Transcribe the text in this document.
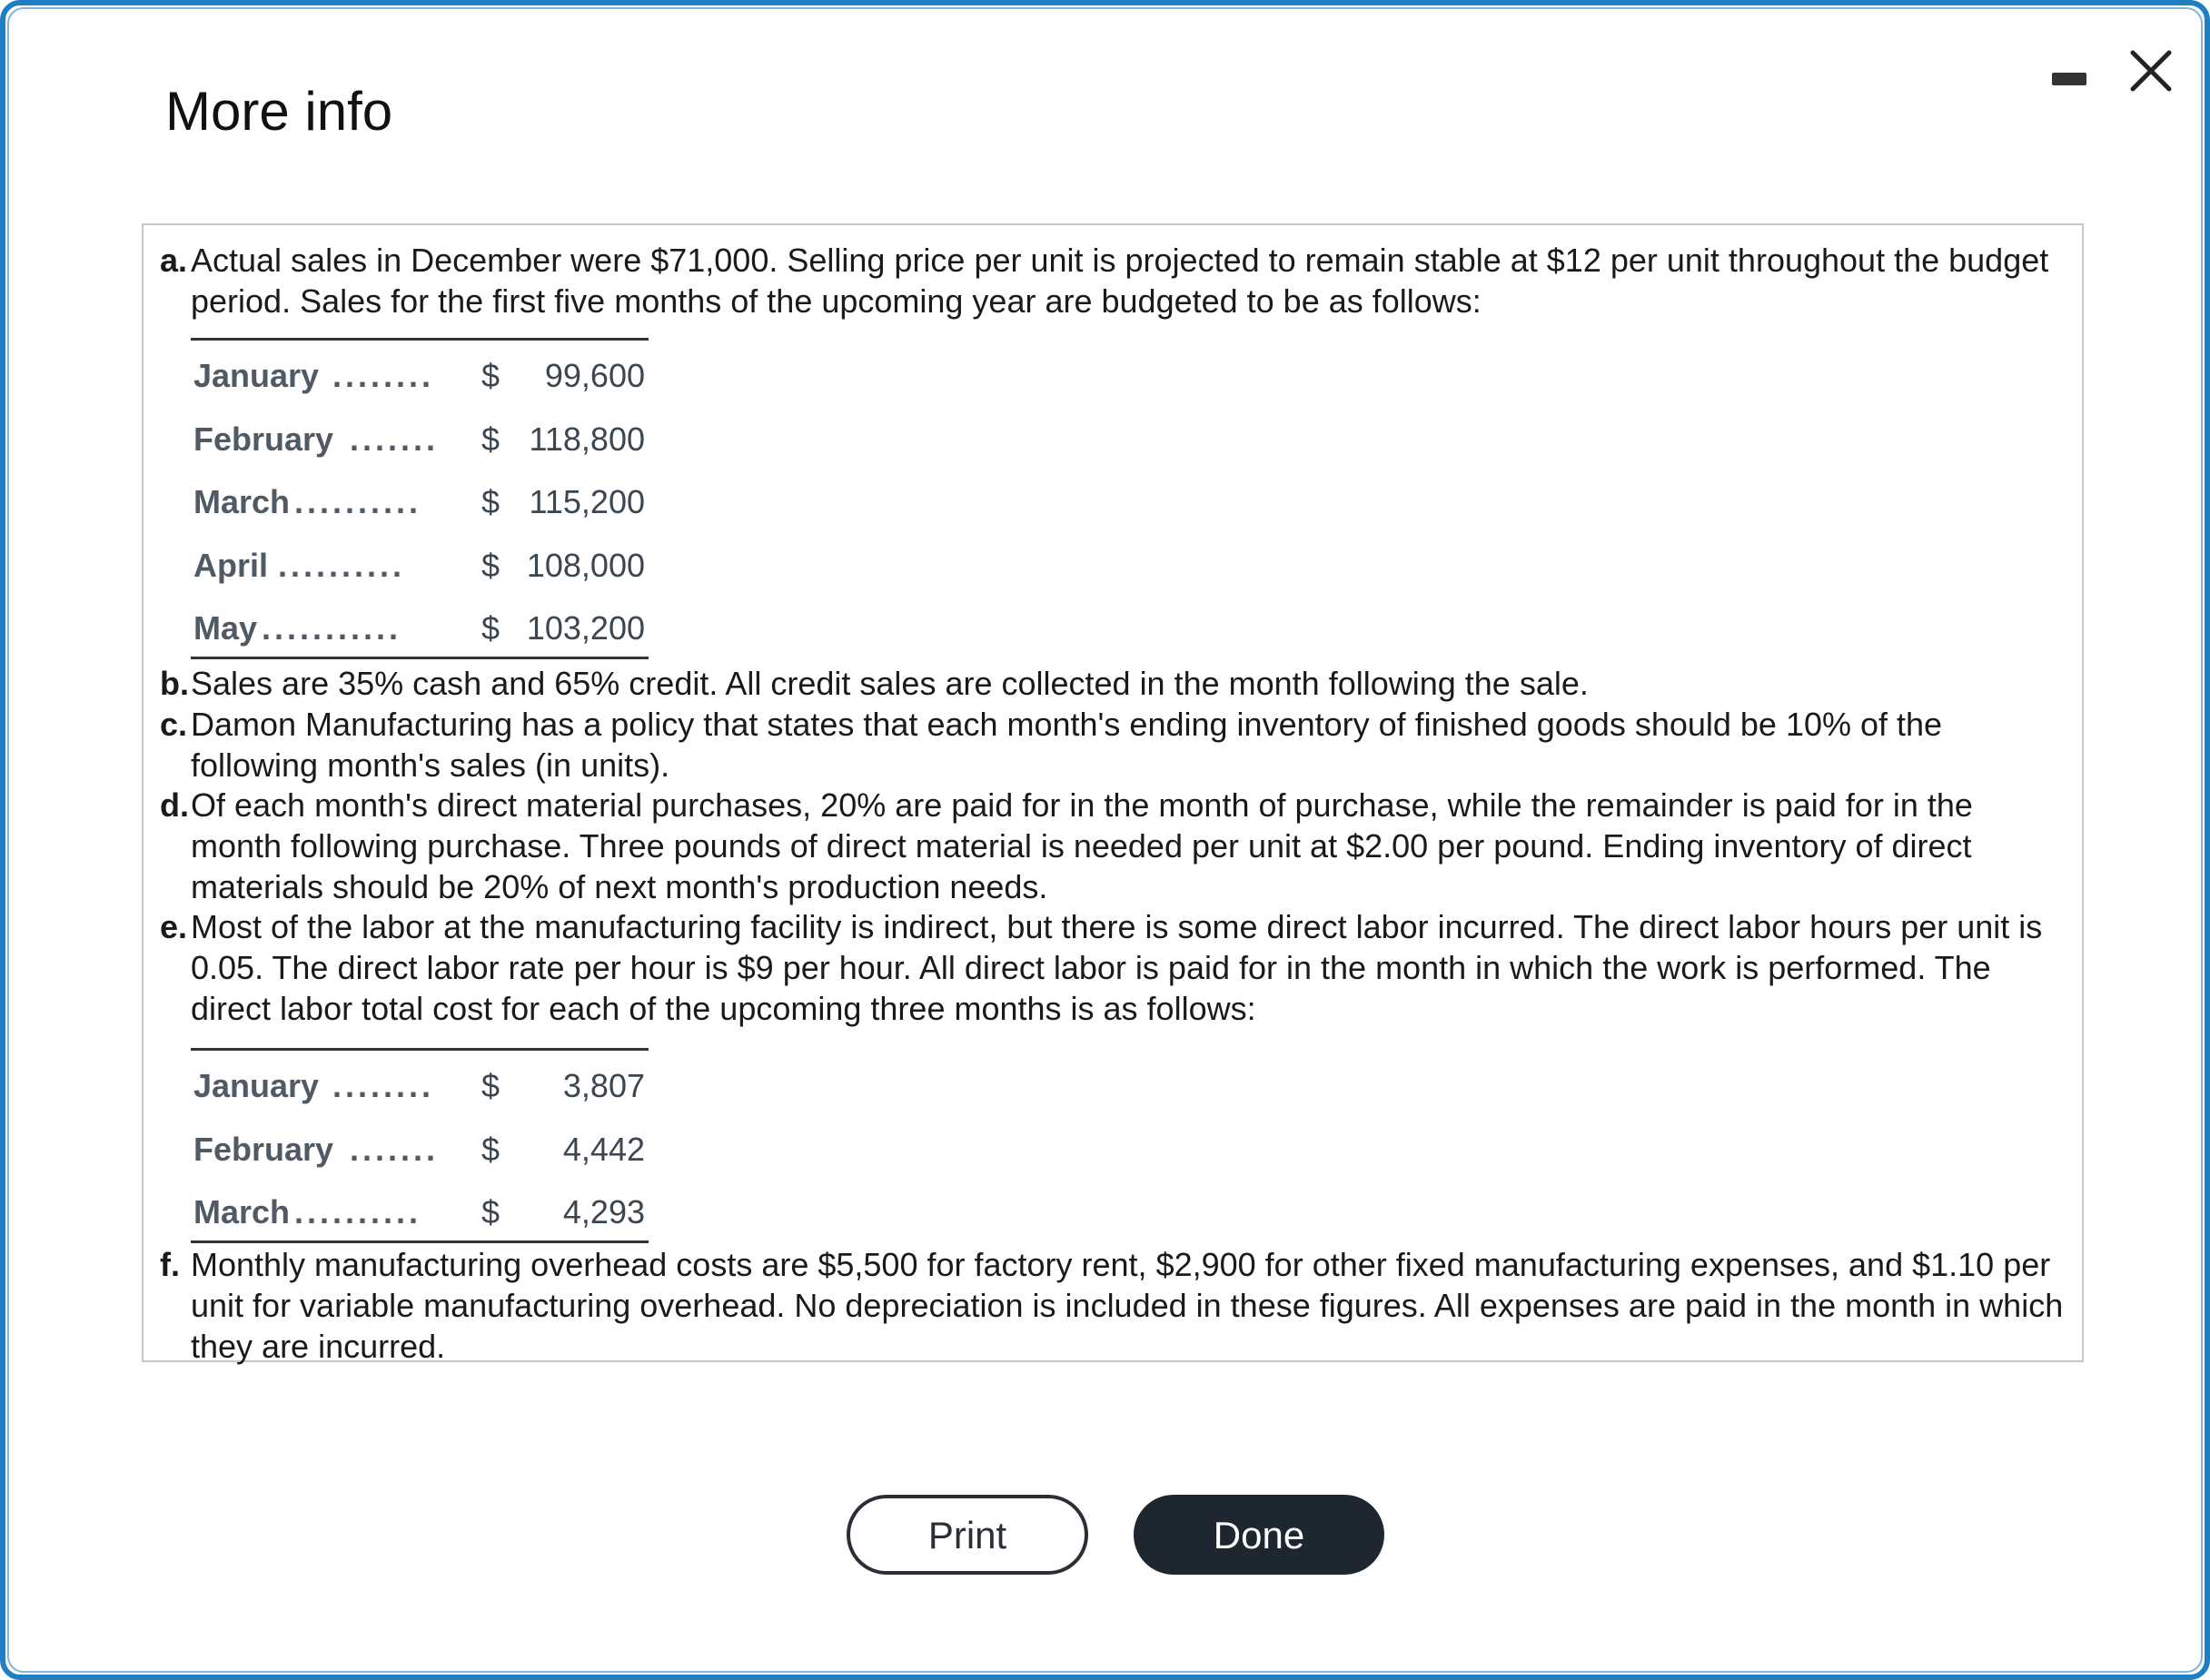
More info
a. Actual sales in December were $71,000. Selling price per unit is projected to remain stable at $12 per unit throughout the budget period. Sales for the first five months of the upcoming year are budgeted to be as follows:
January ........ $ 99,600
February ....... $ 118,800
March .......... $ 115,200
April .......... $ 108,000
May ........... $ 103,200
b. Sales are 35% cash and 65% credit. All credit sales are collected in the month following the sale.
c. Damon Manufacturing has a policy that states that each month's ending inventory of finished goods should be 10% of the following month's sales (in units).
d. Of each month's direct material purchases, 20% are paid for in the month of purchase, while the remainder is paid for in the month following purchase. Three pounds of direct material is needed per unit at $2.00 per pound. Ending inventory of direct materials should be 20% of next month's production needs.
e. Most of the labor at the manufacturing facility is indirect, but there is some direct labor incurred. The direct labor hours per unit is 0.05. The direct labor rate per hour is $9 per hour. All direct labor is paid for in the month in which the work is performed. The direct labor total cost for each of the upcoming three months is as follows:
January ........ $ 3,807
February ....... $ 4,442
March .......... $ 4,293
f. Monthly manufacturing overhead costs are $5,500 for factory rent, $2,900 for other fixed manufacturing expenses, and $1.10 per unit for variable manufacturing overhead. No depreciation is included in these figures. All expenses are paid in the month in which they are incurred.
Print	Done
